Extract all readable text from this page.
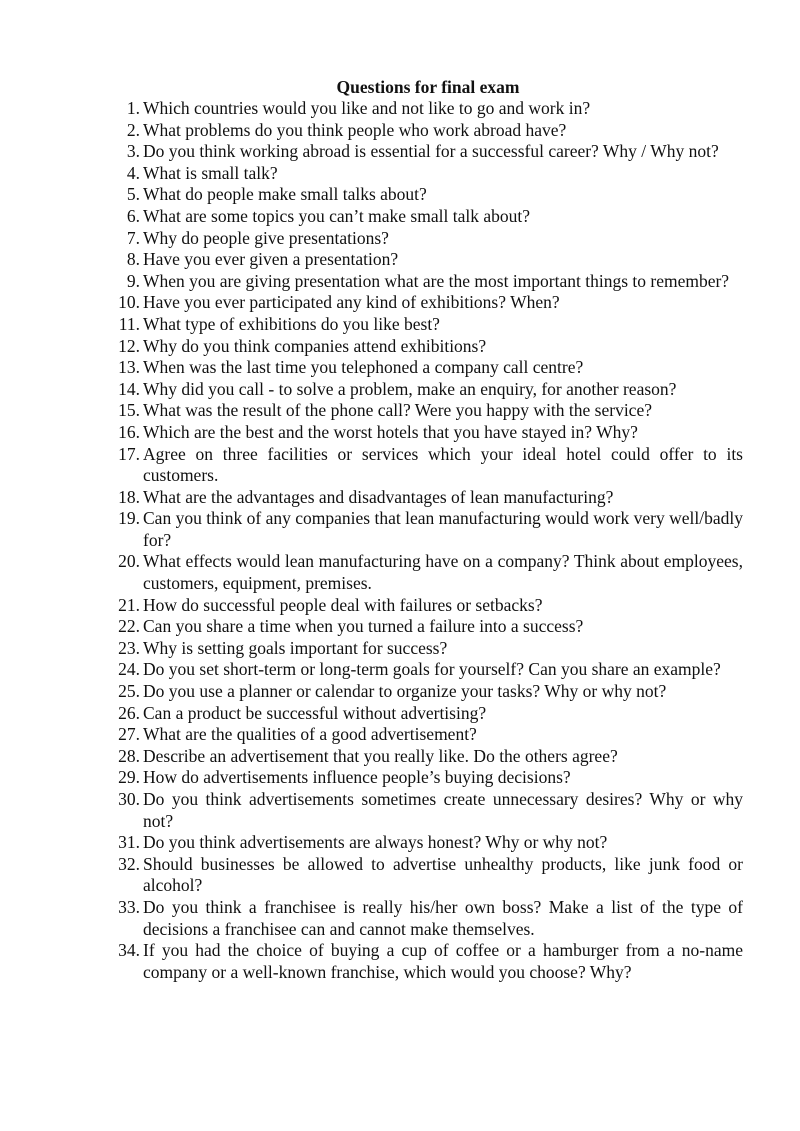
Questions for final exam
1. Which countries would you like and not like to go and work in?
2. What problems do you think people who work abroad have?
3. Do you think working abroad is essential for a successful career? Why / Why not?
4. What is small talk?
5. What do people make small talks about?
6. What are some topics you can’t make small talk about?
7. Why do people give presentations?
8. Have you ever given a presentation?
9. When you are giving presentation what are the most important things to remember?
10. Have you ever participated any kind of exhibitions? When?
11. What type of exhibitions do you like best?
12. Why do you think companies attend exhibitions?
13. When was the last time you telephoned a company call centre?
14. Why did you call - to solve a problem, make an enquiry, for another reason?
15. What was the result of the phone call? Were you happy with the service?
16. Which are the best and the worst hotels that you have stayed in? Why?
17. Agree on three facilities or services which your ideal hotel could offer to its customers.
18. What are the advantages and disadvantages of lean manufacturing?
19. Can you think of any companies that lean manufacturing would work very well/badly for?
20. What effects would lean manufacturing have on a company? Think about employees, customers, equipment, premises.
21. How do successful people deal with failures or setbacks?
22. Can you share a time when you turned a failure into a success?
23. Why is setting goals important for success?
24. Do you set short-term or long-term goals for yourself? Can you share an example?
25. Do you use a planner or calendar to organize your tasks? Why or why not?
26. Can a product be successful without advertising?
27. What are the qualities of a good advertisement?
28. Describe an advertisement that you really like. Do the others agree?
29. How do advertisements influence people’s buying decisions?
30. Do you think advertisements sometimes create unnecessary desires? Why or why not?
31. Do you think advertisements are always honest? Why or why not?
32. Should businesses be allowed to advertise unhealthy products, like junk food or alcohol?
33. Do you think a franchisee is really his/her own boss? Make a list of the type of decisions a franchisee can and cannot make themselves.
34. If you had the choice of buying a cup of coffee or a hamburger from a no-name company or a well-known franchise, which would you choose? Why?
